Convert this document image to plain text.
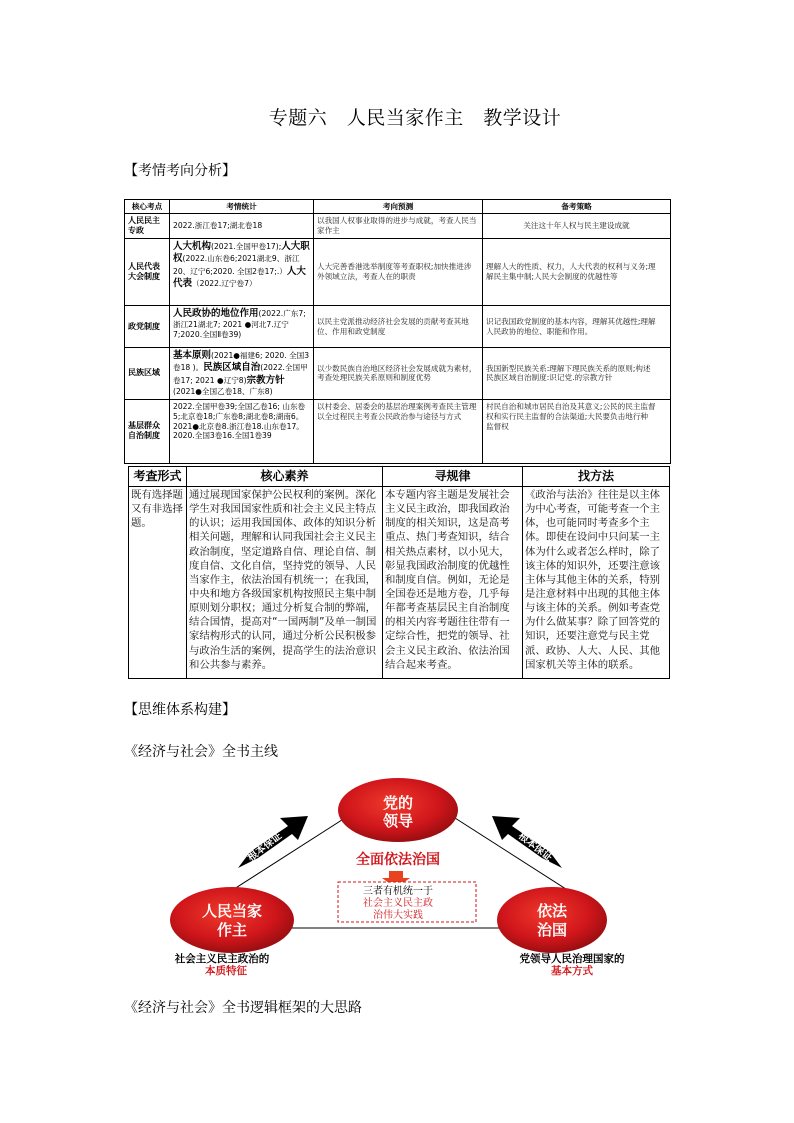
专题六　人民当家作主　教学设计
【考情考向分析】
核心考点	考情统计	考向预测	备考策略
人民民主专政	2022.浙江卷17;湖北卷18	以我国人权事业取得的进步与成就，考查人民当家作主	关注这十年人权与民主建设成就
人民代表大会制度	人大机构(2021.全国甲卷17);人大职权(2022.山东卷6;2021湖北9、浙江20、辽宁6;2020. 全国2卷17;.）人大代表（2022.辽宁卷7）	人大完善香港选举制度等考查职权;加快推进涉外领域立法，考查人在的职责	理解人大的性质、权力，人大代表的权利与义务;理
解民主集中制;人民大会制度的优越性等
政党制度	人民政协的地位作用(2022.广东7; 浙江21湖北7; 2021 ●河北7.辽宁7;2020.全国Ⅱ卷39)	以民主党派推动经济社会发展的贡献考查其地位、作用和政党制度	识记我国政党制度的基本内容，理解其优越性;理解
人民政协的地位、职能和作用。
民族区域	基本原则(2021●福建6; 2020. 全国3卷18 )。民族区域自治(2022.全国甲卷17; 2021 ●辽宁8)宗教方针(2021●全国乙卷18、广东8)	以少数民族自治地区经济社会发展成就为素材，考查处理民族关系原则和制度优势	我国新型民族关系:理解下理民族关系的原则;构述
民族区域自治制度:识记党.的宗教方针
基层群众自治制度	2022.全国甲卷39;全国乙卷16; 山东卷5;北京卷18;广东卷8;湖北卷8;湖南6。 2021●北京卷8.浙江卷18.山东卷17。2020.全国3卷16.全国1卷39	以村委会、居委会的基层治理案例考查民主管理以全过程民主考查公民政治参与途径与方式	村民自治和城市居民自治及其意义;公民的民主监督
权和实行民主监督的合法渠道;大民要负击地行种
监督权
考查形式	核心素养	寻规律	找方法
既有选择题又有非选择题。	通过展现国家保护公民权利的案例。深化学生对我国国家性质和社会主义民主特点的认识；运用我国国体、政体的知识分析相关问题，理解和认同我国社会主义民主政治制度，坚定道路自信、理论自信、制度自信、文化自信，坚持党的领导、人民当家作主，依法治国有机统一；在我国，中央和地方各级国家机构按照民主集中制原则划分职权；通过分析复合制的弊端，结合国情，提高对“一国两制”及单一制国家结构形式的认同，通过分析公民积极参与政治生活的案例，提高学生的法治意识和公共参与素养。	本专题内容主题是发展社会主义民主政治，即我国政治制度的相关知识，这是高考重点、热门考查知识，结合相关热点素材，以小见大，彰显我国政治制度的优越性和制度自信。例如，无论是全国卷还是地方卷，几乎每年都考查基层民主自治制度的相关内容考题往往带有一定综合性，把党的领导、社会主义民主政治、依法治国结合起来考查。	《政治与法治》往往是以主体为中心考查，可能考查一个主体，也可能同时考查多个主体。即使在设问中只问某一主体为什么或者怎么样时，除了该主体的知识外，还要注意该主体与其他主体的关系，特别是注意材料中出现的其他主体与该主体的关系。例如考查党为什么做某事？除了回答党的知识，还要注意党与民主党派、政协、人大、人民、其他国家机关等主体的联系。
【思维体系构建】
《经济与社会》全书主线
根本保证	根本保证
党的
领导
人民当家
作主
依法
治国
全面依法治国
三者有机统一于
社会主义民主政
治伟大实践
社会主义民主政治的
本质特征
党领导人民治理国家的
基本方式
《经济与社会》全书逻辑框架的大思路
